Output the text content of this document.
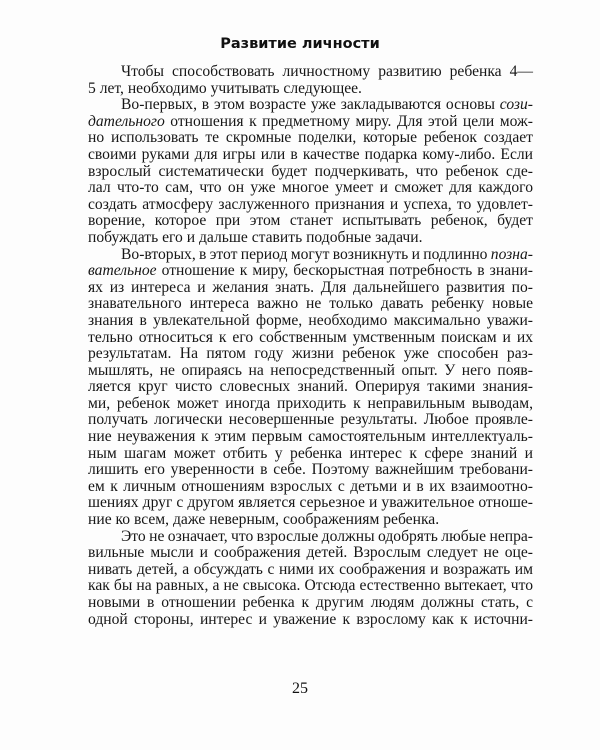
Развитие личности
Чтобы способствовать личностному развитию ребенка 4—
5 лет, необходимо учитывать следующее.
Во-первых, в этом возрасте уже закладываются основы сози-
дательного отношения к предметному миру. Для этой цели мож-
но использовать те скромные поделки, которые ребенок создает
своими руками для игры или в качестве подарка кому-либо. Если
взрослый систематически будет подчеркивать, что ребенок сде-
лал что-то сам, что он уже многое умеет и сможет для каждого
создать атмосферу заслуженного признания и успеха, то удовлет-
ворение, которое при этом станет испытывать ребенок, будет
побуждать его и дальше ставить подобные задачи.
Во-вторых, в этот период могут возникнуть и подлинно позна-
вательное отношение к миру, бескорыстная потребность в знани-
ях из интереса и желания знать. Для дальнейшего развития по-
знавательного интереса важно не только давать ребенку новые
знания в увлекательной форме, необходимо максимально уважи-
тельно относиться к его собственным умственным поискам и их
результатам. На пятом году жизни ребенок уже способен раз-
мышлять, не опираясь на непосредственный опыт. У него появ-
ляется круг чисто словесных знаний. Оперируя такими знания-
ми, ребенок может иногда приходить к неправильным выводам,
получать логически несовершенные результаты. Любое проявле-
ние неуважения к этим первым самостоятельным интеллектуаль-
ным шагам может отбить у ребенка интерес к сфере знаний и
лишить его уверенности в себе. Поэтому важнейшим требовани-
ем к личным отношениям взрослых с детьми и в их взаимоотно-
шениях друг с другом является серьезное и уважительное отноше-
ние ко всем, даже неверным, соображениям ребенка.
Это не означает, что взрослые должны одобрять любые непра-
вильные мысли и соображения детей. Взрослым следует не оце-
нивать детей, а обсуждать с ними их соображения и возражать им
как бы на равных, а не свысока. Отсюда естественно вытекает, что
новыми в отношении ребенка к другим людям должны стать, с
одной стороны, интерес и уважение к взрослому как к источни-
25
